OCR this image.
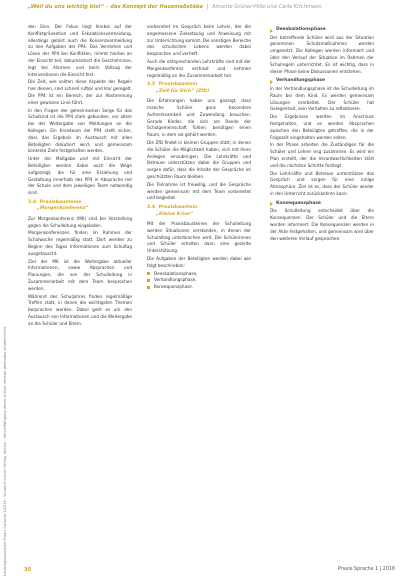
Leistungsspektrum Praxis Sprache 1|2016 · Schulz-Kirchner Verlag, Idstein · Vervielfältigung dieser Artikel verletzt geltendes Urheberrecht
„Weil du uns wichtig bist“ – das Konzept der Hausmaßstäbe | Annette Grüner-Hille und Carla Kirchmann

den Sinn. Der Fokus liegt hierbei auf der Konfliktprävention und Eskalationsvermeidung, allerdings gehört auch die Konsenzvermeidung zu den Aufgaben der PP4. Das Verstehen und Lösen der PP4 bei Konflikten, nimmt hierbei an der Einsicht teil, dokumentiert die Geschehnisse, legt bei Alarmen und beim Vollzug der Interventionen die Einsicht fest.

Die Zeit, wie sollten diese Aspekte der Regeln hier dienen, sind schnell rufbar und klar geregelt. Die PP4 ist ein Bereich, der zur Abstimmung einer gewissen Linie führt.

In den Fragen der gemeinsamen Sorge für das Schulkind ist die PP4 stark gebunden, vor allem bei der Weitergabe von Meldungen an die Kollegen. Ein Kreisteam der PP4 stellt sicher, dass das Ergebnis im Austausch mit allen Beteiligten diskutiert wird, und gemeinsam konkrete Ziele festgehalten werden.

Unter der Maßgabe und mit Einsicht der Beteiligten werden dabei auch die Wege aufgezeigt, die für eine Erziehung und Gestaltung innerhalb des PP4 in Absprache mit der Schule und dem jeweiligen Team notwendig sind.

3.4 Praxisbausteine
„Morgenkonferenz“

Zur Morgenkonferenz (MK) sind bei Vorstellung gegen die Schulleitung eingeladen.

Morgenkonferenzen finden im Rahmen der Schulwoche regelmäßig statt. Dort werden zu Beginn des Tages Informationen zum Schultag ausgetauscht.

Ziel der MK ist die Weitergabe aktueller Informationen, sowie Absprachen und Planungen, die von der Schulleitung in Zusammenarbeit mit dem Team besprochen werden.

Während des Schuljahres finden regelmäßige Treffen statt, in denen die wichtigsten Themen besprochen werden. Dabei geht es um den Austausch von Informationen und die Weitergabe an die Schüler und Eltern.

vorbereitet im Gespräch beim Lehrer, der die angemessene Zielsetzung und Anweisung mit zur Unterrichtung kommt. Die sonstigen Bereiche des schulischen Lebens werden dabei besprochen und vertieft.

Auch die entsprechenden Lehrkräfte sind mit der Morgenkonferenz vertraut und nehmen regelmäßig an der Zusammenarbeit teil.

3.5 Praxisbaustein
„Zeit für Dich“ (ZfD)

Die Erfahrungen haben uns gezeigt, dass manche Schüler ganz besondere Aufmerksamkeit und Zuwendung brauchen. Gerade Kinder, die sich am Rande der Schulgemeinschaft fühlen, benötigen einen Raum, in dem sie gehört werden.

Die ZfD findet in kleinen Gruppen statt, in denen die Schüler die Möglichkeit haben, sich mit ihren Anliegen einzubringen. Die Lehrkräfte und Betreuer unterstützen dabei die Gruppen und sorgen dafür, dass die Inhalte der Gespräche im geschützten Raum bleiben.

Die Teilnahme ist freiwillig, und die Gespräche werden gemeinsam mit dem Team vorbereitet und begleitet.

3.6 Praxisbaustein
„Kleine Krise“

Mit der Praxisbausteinen der Schulleitung werden Situationen verstanden, in denen der Schulalltag unterbrochen wird. Die Schülerinnen und Schüler erhalten dann eine gezielte Unterstützung.

Die Aufgaben der Beteiligten werden dabei wie folgt beschrieben:

Deeskalationsphase,
Verhandlungsphase,
Konsequenzphase.
Deeskalationsphase

Der betreffende Schüler wird aus der Situation genommen. Schutzmaßnahmen werden umgesetzt. Die Kollegen werden informiert und über den Verlauf der Situation im Rahmen der Schulregeln unterrichtet. Es ist wichtig, dass in dieser Phase keine Diskussionen entstehen.

Verhandlungsphase

In der Verhandlungsphase ist die Schulleitung im Raum bei dem Kind. Es werden gemeinsam Lösungen erarbeitet. Der Schüler hat Gelegenheit, sein Verhalten zu reflektieren.

Die Ergebnisse werden im Anschluss festgehalten, und es werden Absprachen zwischen den Beteiligten getroffen, die in der Folgezeit eingehalten werden sollen.

In der Phase arbeiten die Zuständigen für die Schüler und Lehrer eng zusammen. Es wird ein Plan erstellt, der die Verantwortlichkeiten klärt und die nächsten Schritte festlegt.

Die Lehrkräfte und Betreuer unterstützen das Gespräch und sorgen für eine ruhige Atmosphäre. Ziel ist es, dass der Schüler wieder in den Unterricht zurückkehren kann.

Konsequenzphase

Die Schulleitung entscheidet über die Konsequenzen. Der Schüler und die Eltern werden informiert. Die Konsequenzen werden in der Akte festgehalten, und gemeinsam wird über den weiteren Verlauf gesprochen.

30	Praxis Sprache 1 | 2016
